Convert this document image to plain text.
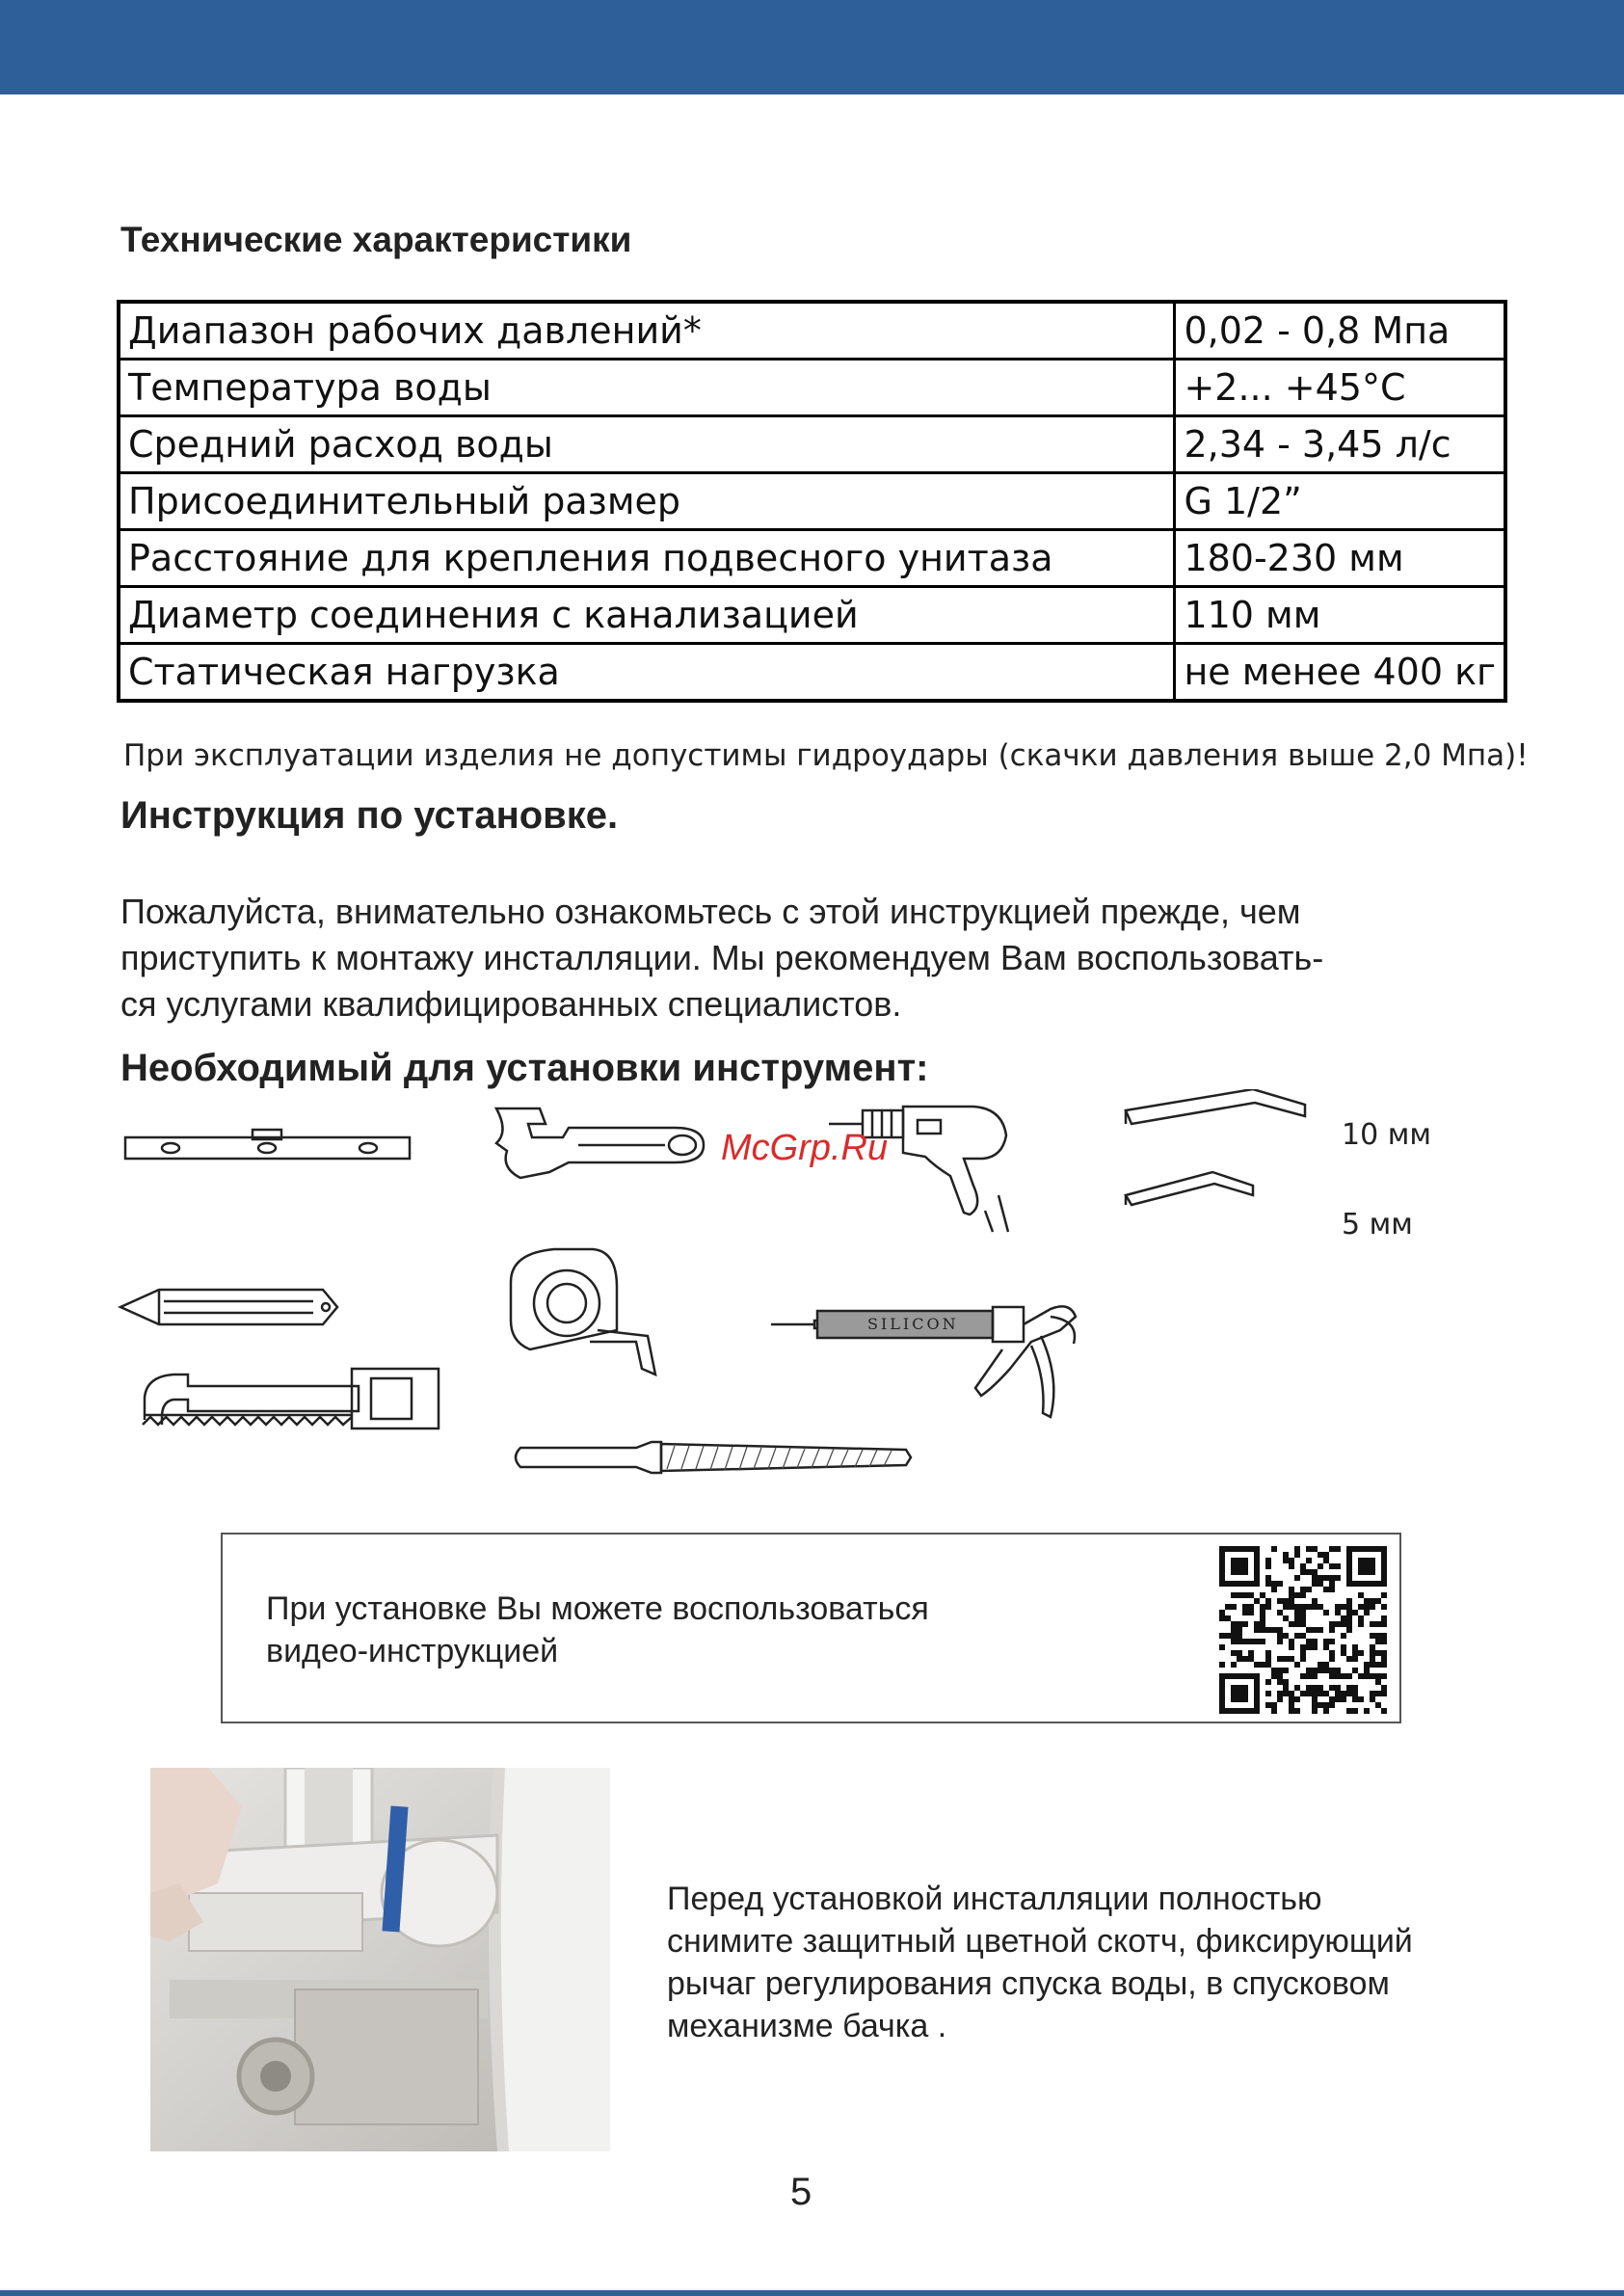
Технические характеристики
Диапазон рабочих давлений*	0,02 - 0,8 Мпа
Температура воды	+2... +45°С
Средний расход воды	2,34 - 3,45 л/с
Присоединительный размер	G 1/2”
Расстояние для крепления подвесного унитаза	180-230 мм
Диаметр соединения с канализацией	110 мм
Статическая нагрузка	не менее 400 кг
При эксплуатации изделия не допустимы гидроудары (скачки давления выше 2,0 Мпа)!
Инструкция по установке.
Пожалуйста, внимательно ознакомьтесь с этой инструкцией прежде, чем
приступить к монтажу инсталляции. Мы рекомендуем Вам воспользовать-
ся услугами квалифицированных специалистов.
Необходимый для установки инструмент:
10 мм
5 мм
SILICON
McGrp.Ru
При установке Вы можете воспользоваться
видео-инструкцией
Перед установкой инсталляции полностью
снимите защитный цветной скотч, фиксирующий
рычаг регулирования спуска воды, в спусковом
механизме бачка .
5
